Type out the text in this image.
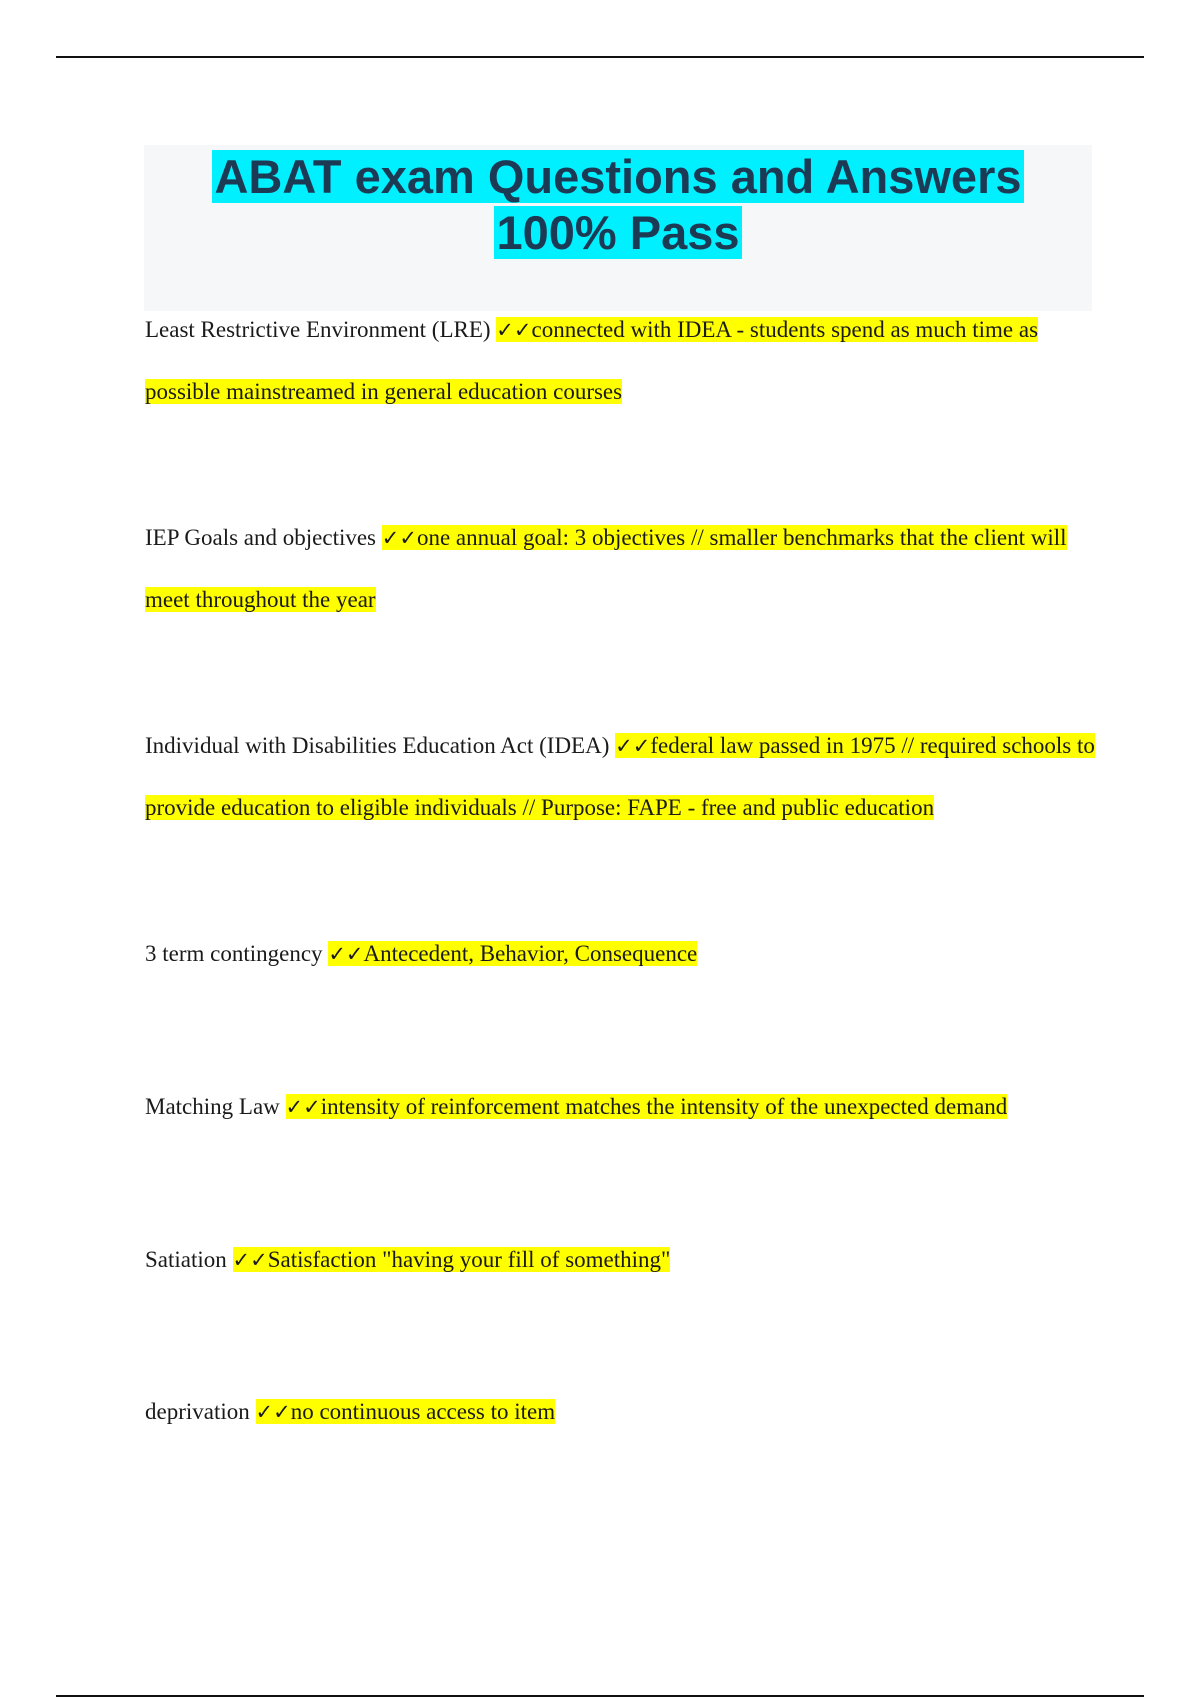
ABAT exam Questions and Answers
100% Pass

Least Restrictive Environment (LRE) ✓✓connected with IDEA - students spend as much time as possible mainstreamed in general education courses

IEP Goals and objectives ✓✓one annual goal: 3 objectives // smaller benchmarks that the client will meet throughout the year

Individual with Disabilities Education Act (IDEA) ✓✓federal law passed in 1975 // required schools to provide education to eligible individuals // Purpose: FAPE - free and public education

3 term contingency ✓✓Antecedent, Behavior, Consequence

Matching Law ✓✓intensity of reinforcement matches the intensity of the unexpected demand

Satiation ✓✓Satisfaction "having your fill of something"

deprivation ✓✓no continuous access to item
